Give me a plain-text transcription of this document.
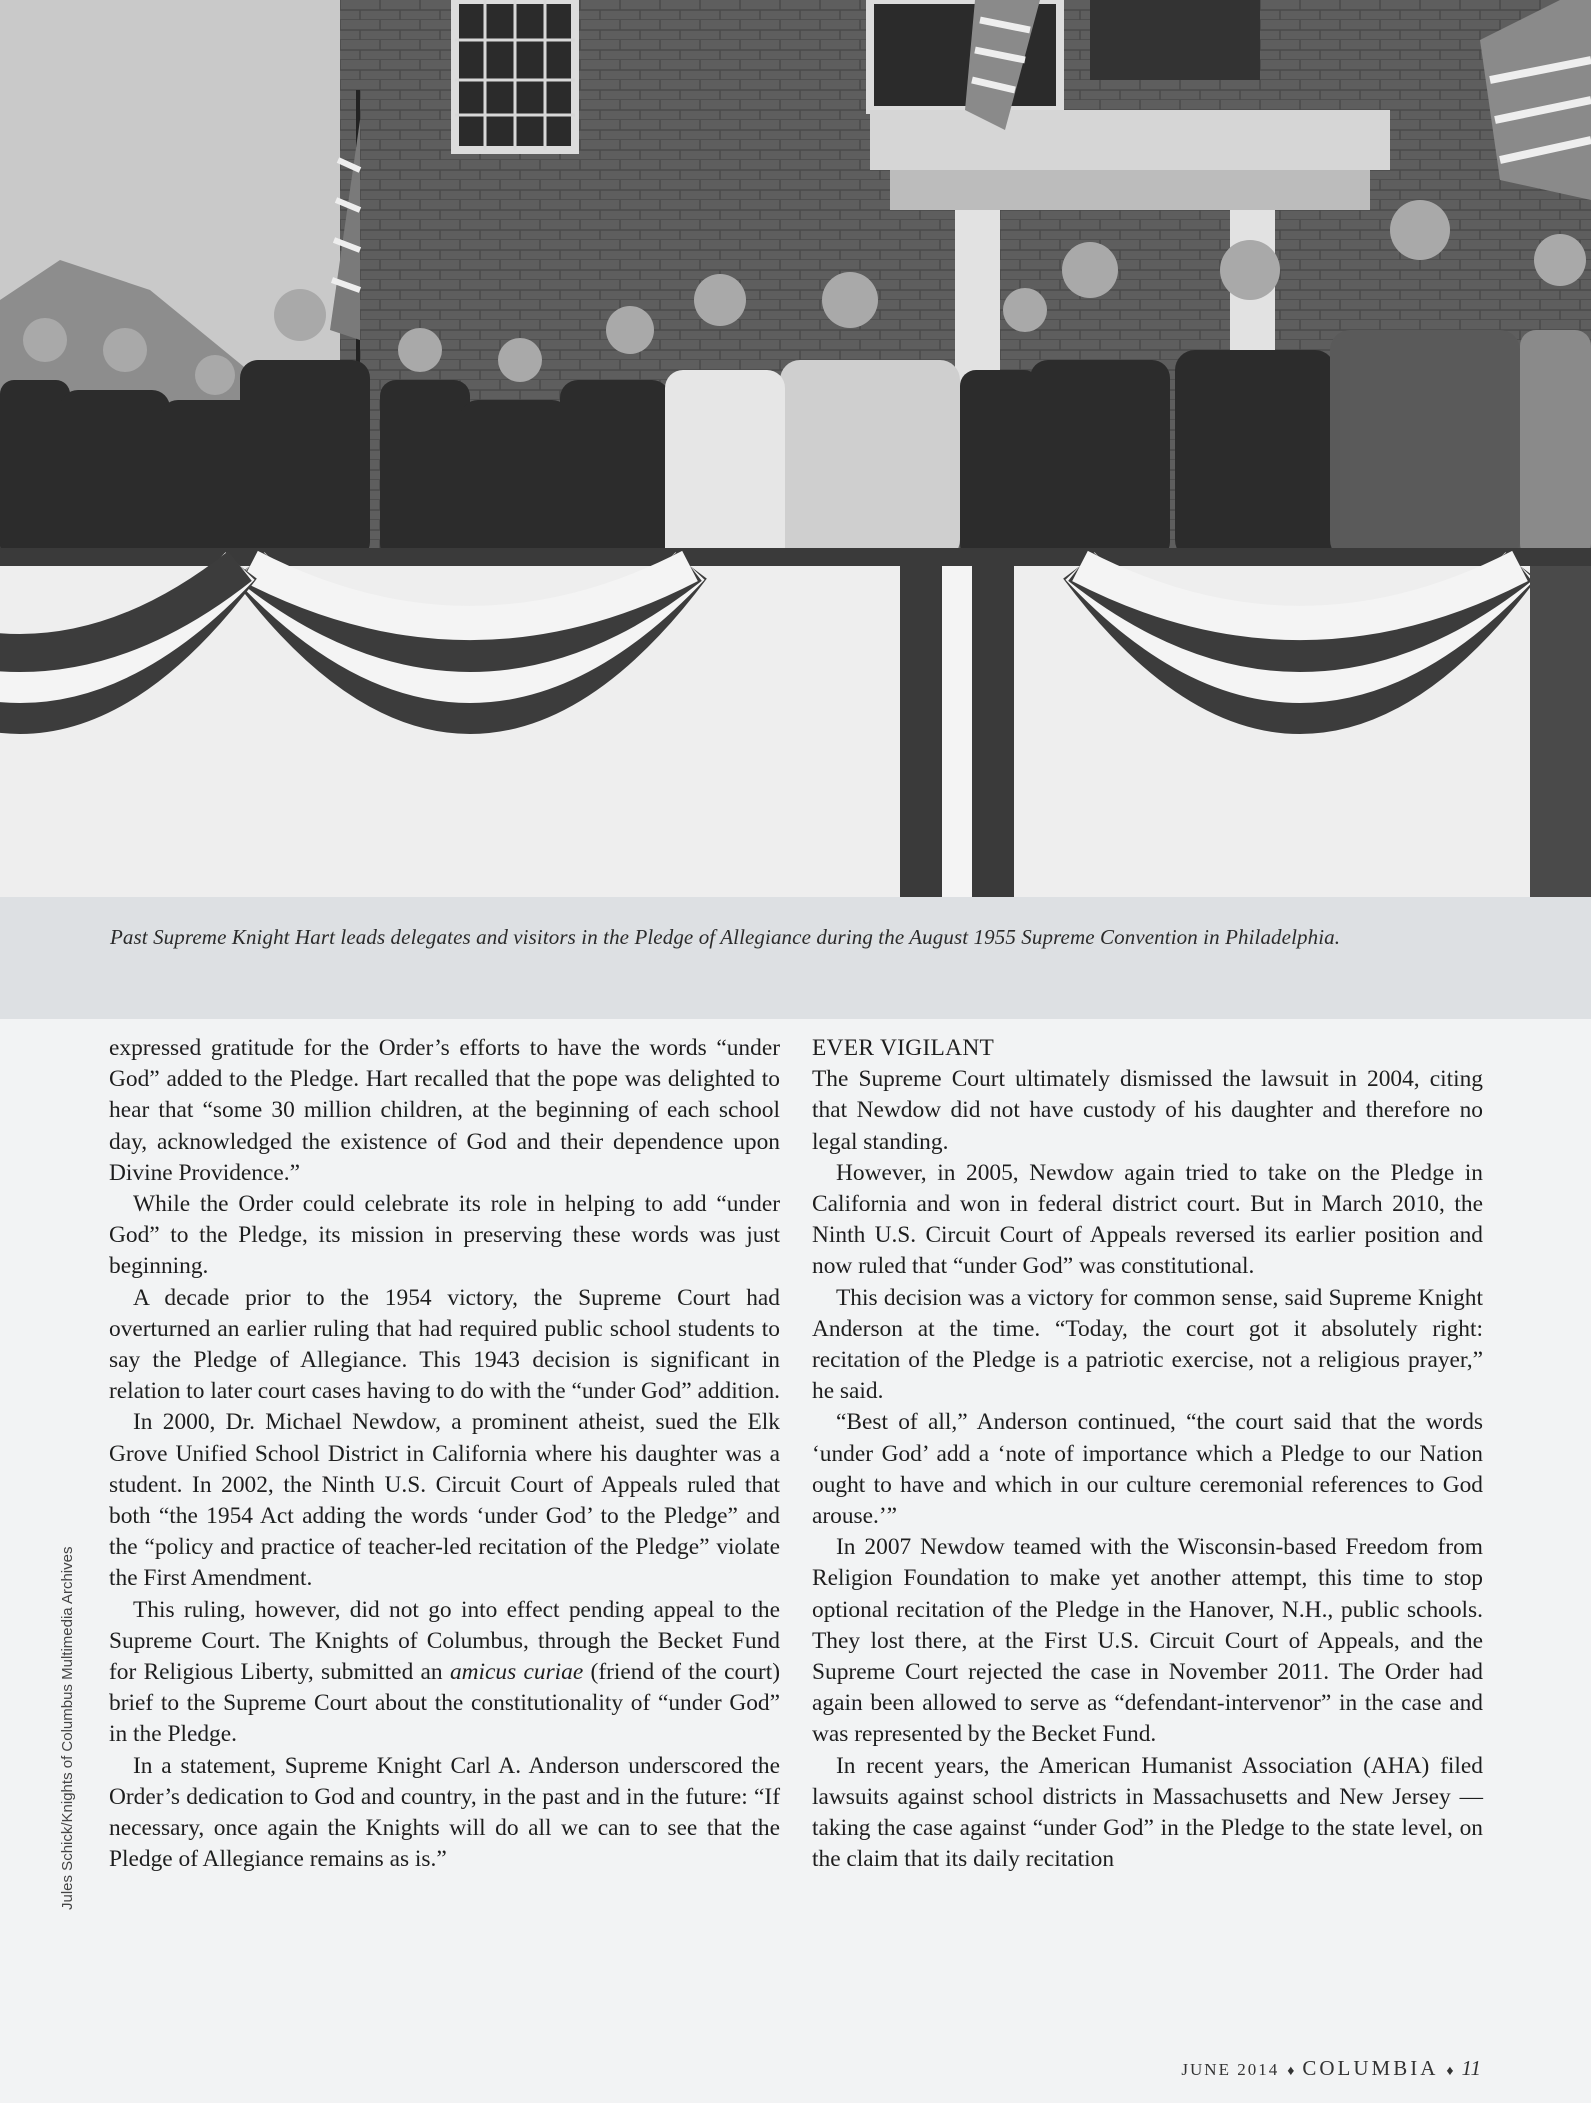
Past Supreme Knight Hart leads delegates and visitors in the Pledge of Allegiance during the August 1955 Supreme Convention in Philadelphia.
Jules Schick/Knights of Columbus Multimedia Archives

expressed gratitude for the Order’s efforts to have the words “under God” added to the Pledge. Hart recalled that the pope was delighted to hear that “some 30 million children, at the beginning of each school day, acknowledged the existence of God and their dependence upon Divine Providence.”

While the Order could celebrate its role in helping to add “under God” to the Pledge, its mission in preserving these words was just beginning.

A decade prior to the 1954 victory, the Supreme Court had overturned an earlier ruling that had required public school students to say the Pledge of Allegiance. This 1943 decision is significant in relation to later court cases having to do with the “under God” addition.

In 2000, Dr. Michael Newdow, a prominent atheist, sued the Elk Grove Unified School District in California where his daughter was a student. In 2002, the Ninth U.S. Circuit Court of Appeals ruled that both “the 1954 Act adding the words ‘under God’ to the Pledge” and the “policy and practice of teacher-led recitation of the Pledge” violate the First Amendment.

This ruling, however, did not go into effect pending appeal to the Supreme Court. The Knights of Columbus, through the Becket Fund for Religious Liberty, submitted an amicus curiae (friend of the court) brief to the Supreme Court about the constitutionality of “under God” in the Pledge.

In a statement, Supreme Knight Carl A. Anderson underscored the Order’s dedication to God and country, in the past and in the future: “If necessary, once again the Knights will do all we can to see that the Pledge of Allegiance remains as is.”

EVER VIGILANT

The Supreme Court ultimately dismissed the lawsuit in 2004, citing that Newdow did not have custody of his daughter and therefore no legal standing.

However, in 2005, Newdow again tried to take on the Pledge in California and won in federal district court. But in March 2010, the Ninth U.S. Circuit Court of Appeals reversed its earlier position and now ruled that “under God” was constitutional.

This decision was a victory for common sense, said Supreme Knight Anderson at the time. “Today, the court got it absolutely right: recitation of the Pledge is a patriotic exercise, not a religious prayer,” he said.

“Best of all,” Anderson continued, “the court said that the words ‘under God’ add a ‘note of importance which a Pledge to our Nation ought to have and which in our culture ceremonial references to God arouse.’”

In 2007 Newdow teamed with the Wisconsin-based Freedom from Religion Foundation to make yet another attempt, this time to stop optional recitation of the Pledge in the Hanover, N.H., public schools. They lost there, at the First U.S. Circuit Court of Appeals, and the Supreme Court rejected the case in November 2011. The Order had again been allowed to serve as “defendant-intervenor” in the case and was represented by the Becket Fund.

In recent years, the American Humanist Association (AHA) filed lawsuits against school districts in Massachusetts and New Jersey — taking the case against “under God” in the Pledge to the state level, on the claim that its daily recitation

JUNE 2014 ♦ COLUMBIA ♦ 11
